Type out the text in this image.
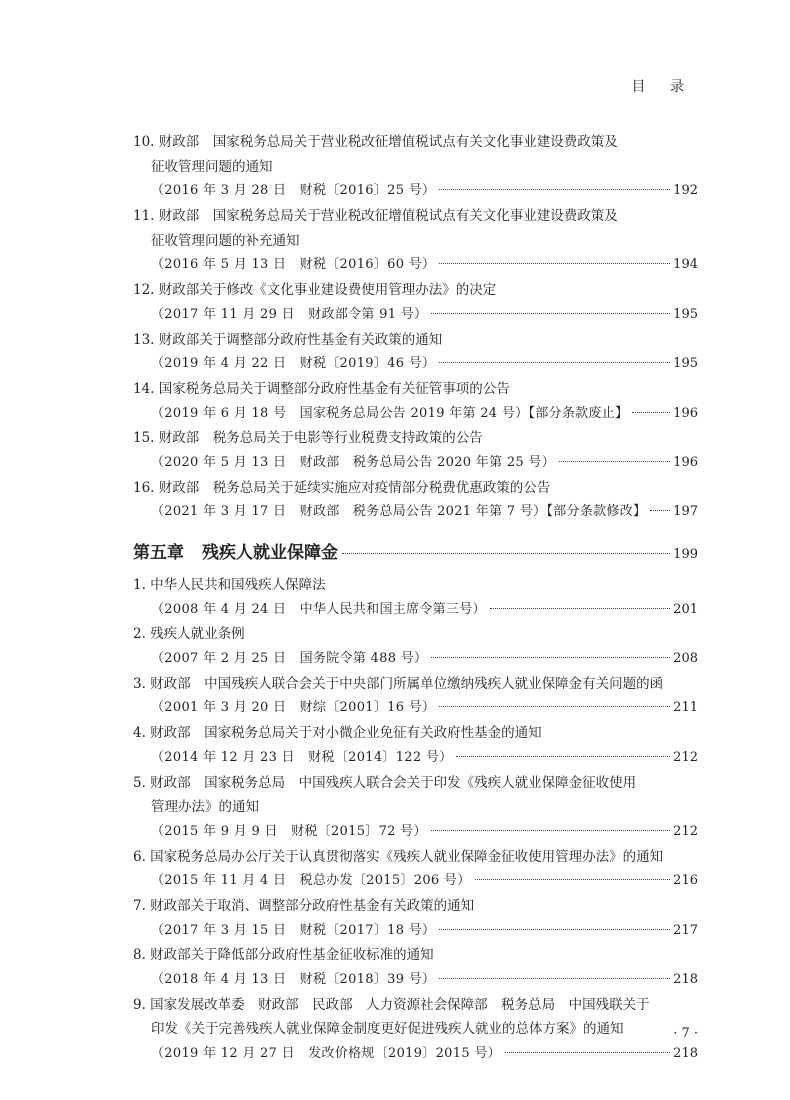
目 录
10. 财政部　国家税务总局关于营业税改征增值税试点有关文化事业建设费政策及
征收管理问题的通知
（2016 年 3 月 28 日　财税〔2016〕25 号）	192
11. 财政部　国家税务总局关于营业税改征增值税试点有关文化事业建设费政策及
征收管理问题的补充通知
（2016 年 5 月 13 日　财税〔2016〕60 号）	194
12. 财政部关于修改《文化事业建设费使用管理办法》的决定
（2017 年 11 月 29 日　财政部令第 91 号）	195
13. 财政部关于调整部分政府性基金有关政策的通知
（2019 年 4 月 22 日　财税〔2019〕46 号）	195
14. 国家税务总局关于调整部分政府性基金有关征管事项的公告
（2019 年 6 月 18 号　国家税务总局公告 2019 年第 24 号）【部分条款废止】	196
15. 财政部　税务总局关于电影等行业税费支持政策的公告
（2020 年 5 月 13 日　财政部　税务总局公告 2020 年第 25 号）	196
16. 财政部　税务总局关于延续实施应对疫情部分税费优惠政策的公告
（2021 年 3 月 17 日　财政部　税务总局公告 2021 年第 7 号）【部分条款修改】 197
第五章 残疾人就业保障金	199
1. 中华人民共和国残疾人保障法
（2008 年 4 月 24 日　中华人民共和国主席令第三号）	201
2. 残疾人就业条例
（2007 年 2 月 25 日　国务院令第 488 号）	208
3. 财政部　中国残疾人联合会关于中央部门所属单位缴纳残疾人就业保障金有关问题的函
（2001 年 3 月 20 日　财综〔2001〕16 号）	211
4. 财政部　国家税务总局关于对小微企业免征有关政府性基金的通知
（2014 年 12 月 23 日　财税〔2014〕122 号）	212
5. 财政部　国家税务总局　中国残疾人联合会关于印发《残疾人就业保障金征收使用
管理办法》的通知
（2015 年 9 月 9 日　财税〔2015〕72 号）	212
6. 国家税务总局办公厅关于认真贯彻落实《残疾人就业保障金征收使用管理办法》的通知
（2015 年 11 月 4 日　税总办发〔2015〕206 号）	216
7. 财政部关于取消、调整部分政府性基金有关政策的通知
（2017 年 3 月 15 日　财税〔2017〕18 号）	217
8. 财政部关于降低部分政府性基金征收标准的通知
（2018 年 4 月 13 日　财税〔2018〕39 号）	218
9. 国家发展改革委　财政部　民政部　人力资源社会保障部　税务总局　中国残联关于
印发《关于完善残疾人就业保障金制度更好促进残疾人就业的总体方案》的通知
（2019 年 12 月 27 日　发改价格规〔2019〕2015 号）	218
· 7 ·
